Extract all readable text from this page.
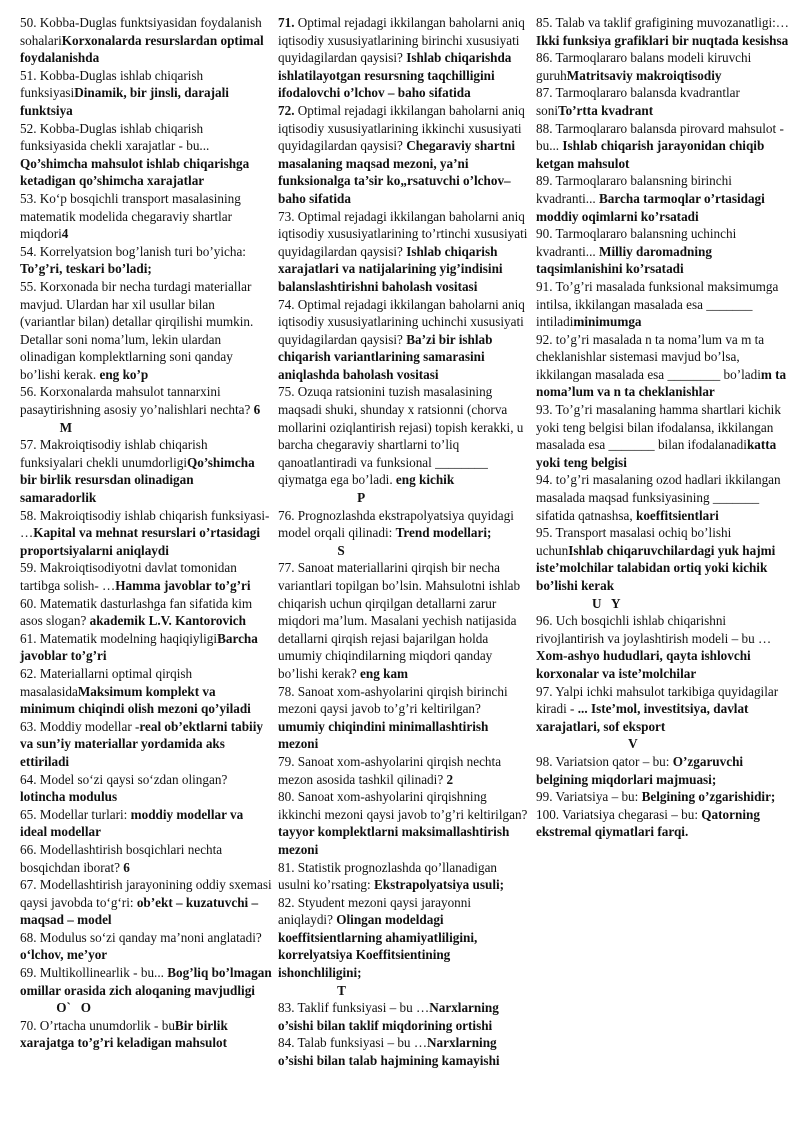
50. Kobba-Duglas funktsiyasidan foydalanish sohalariKorxonalarda resurslardan optimal foydalanishda

51. Kobba-Duglas ishlab chiqarish funksiyasiDinamik, bir jinsli, darajali funktsiya

52. Kobba-Duglas ishlab chiqarish funksiyasida chekli xarajatlar - bu... Qo’shimcha mahsulot ishlab chiqarishga ketadigan qo’shimcha xarajatlar

53. Ko‘p bosqichli transport masalasining matematik modelida chegaraviy shartlar miqdori4

54. Korrelyatsion bog’lanish turi bo’yicha: To’g’ri, teskari bo’ladi;

55. Korxonada bir necha turdagi materiallar mavjud. Ulardan har xil usullar bilan (variantlar bilan) detallar qirqilishi mumkin. Detallar soni noma’lum, lekin ulardan olinadigan komplektlarning soni qanday bo’lishi kerak. eng ko’p

56. Korxonalarda mahsulot tannarxini pasaytirishning asosiy yo’nalishlari nechta? 6

M

57. Makroiqtisodiy ishlab chiqarish funksiyalari chekli unumdorligiQo’shimcha bir birlik resursdan olinadigan samaradorlik

58. Makroiqtisodiy ishlab chiqarish funksiyasi- …Kapital va mehnat resurslari o’rtasidagi proportsiyalarni aniqlaydi

59. Makroiqtisodiyotni davlat tomonidan tartibga solish- …Hamma javoblar to’g’ri

60. Matematik dasturlashga fan sifatida kim asos slogan? akademik L.V. Kantorovich

61. Matematik modelning haqiqiyligiBarcha javoblar to’g’ri

62. Materiallarni optimal qirqish masalasidaMaksimum komplekt va minimum chiqindi olish mezoni qo’yiladi

63. Moddiy modellar -real ob’ektlarni tabiiy va sun’iy materiallar yordamida aks ettiriladi

64. Model so‘zi qaysi so‘zdan olingan? lotincha modulus

65. Modellar turlari: moddiy modellar va ideal modellar

66. Modellashtirish bosqichlari nechta bosqichdan iborat? 6

67. Modellashtirish jarayonining oddiy sxemasi qaysi javobda to‘g‘ri: ob’ekt – kuzatuvchi – maqsad – model

68. Modulus so‘zi qanday ma’noni anglatadi? o‘lchov, me’yor

69. Multikollinearlik - bu... Bog’liq bo’lmagan omillar orasida zich aloqaning mavjudligi

O`   O

70. O’rtacha unumdorlik - buBir birlik xarajatga to’g’ri keladigan mahsulot

71. Optimal rejadagi ikkilangan baholarni aniq iqtisodiy xususiyatlarining birinchi xususiyati quyidagilardan qaysisi? Ishlab chiqarishda ishlatilayotgan resursning taqchilligini ifodalovchi o’lchov – baho sifatida

72. Optimal rejadagi ikkilangan baholarni aniq iqtisodiy xususiyatlarining ikkinchi xususiyati quyidagilardan qaysisi? Chegaraviy shartni masalaning maqsad mezoni, ya’ni funksionalga ta’sir ko„rsatuvchi o’lchov– baho sifatida

73. Optimal rejadagi ikkilangan baholarni aniq iqtisodiy xususiyatlarining to’rtinchi xususiyati quyidagilardan qaysisi? Ishlab chiqarish xarajatlari va natijalarining yig’indisini balanslashtirishni baholash vositasi

74. Optimal rejadagi ikkilangan baholarni aniq iqtisodiy xususiyatlarining uchinchi xususiyati quyidagilardan qaysisi? Ba’zi bir ishlab chiqarish variantlarining samarasini aniqlashda baholash vositasi

75. Ozuqa ratsionini tuzish masalasining maqsadi shuki, shunday x ratsionni (chorva mollarini oziqlantirish rejasi) topish kerakki, u barcha chegaraviy shartlarni to’liq qanoatlantiradi va funksional ________ qiymatga ega bo’ladi. eng kichik

P

76. Prognozlashda ekstrapolyatsiya quyidagi model orqali qilinadi: Trend modellari;

S

77. Sanoat materiallarini qirqish bir necha variantlari topilgan bo’lsin. Mahsulotni ishlab chiqarish uchun qirqilgan detallarni zarur miqdori ma’lum. Masalani yechish natijasida detallarni qirqish rejasi bajarilgan holda umumiy chiqindilarning miqdori qanday bo’lishi kerak? eng kam

78. Sanoat xom-ashyolarini qirqish birinchi mezoni qaysi javob to’g’ri keltirilgan? umumiy chiqindini minimallashtirish mezoni

79. Sanoat xom-ashyolarini qirqish nechta mezon asosida tashkil qilinadi? 2

80. Sanoat xom-ashyolarini qirqishning ikkinchi mezoni qaysi javob to’g’ri keltirilgan? tayyor komplektlarni maksimallashtirish mezoni

81. Statistik prognozlashda qo’llanadigan usulni ko’rsating: Ekstrapolyatsiya usuli;

82. Styudent mezoni qaysi jarayonni aniqlaydi? Olingan modeldagi koeffitsientlarning ahamiyatliligini, korrelyatsiya Koeffitsientining ishonchliligini;

T

83. Taklif funksiyasi – bu …Narxlarning o’sishi bilan taklif miqdorining ortishi

84. Talab funksiyasi – bu …Narxlarning o’sishi bilan talab hajmining kamayishi

85. Talab va taklif grafigining muvozanatligi:… Ikki funksiya grafiklari bir nuqtada kesishsa

86. Tarmoqlararo balans modeli kiruvchi guruhMatritsaviy makroiqtisodiy

87. Tarmoqlararo balansda kvadrantlar soniTo’rtta kvadrant

88. Tarmoqlararo balansda pirovard mahsulot - bu... Ishlab chiqarish jarayonidan chiqib ketgan mahsulot

89. Tarmoqlararo balansning birinchi kvadranti... Barcha tarmoqlar o’rtasidagi moddiy oqimlarni ko’rsatadi

90. Tarmoqlararo balansning uchinchi kvadranti... Milliy daromadning taqsimlanishini ko’rsatadi

91. To’g’ri masalada funksional maksimumga intilsa, ikkilangan masalada esa _______ intiladiminimumga

92. to’g’ri masalada n ta noma’lum va m ta cheklanishlar sistemasi mavjud bo’lsa, ikkilangan masalada esa ________ bo’ladim ta noma’lum va n ta cheklanishlar

93. To’g’ri masalaning hamma shartlari kichik yoki teng belgisi bilan ifodalansa, ikkilangan masalada esa _______ bilan ifodalanadikatta yoki teng belgisi

94. to’g’ri masalaning ozod hadlari ikkilangan masalada maqsad funksiyasining _______ sifatida qatnashsa, koeffitsientlari

95. Transport masalasi ochiq bo’lishi uchunIshlab chiqaruvchilardagi yuk hajmi iste’molchilar talabidan ortiq yoki kichik bo’lishi kerak

U   Y

96. Uch bosqichli ishlab chiqarishni rivojlantirish va joylashtirish modeli – bu … Xom-ashyo hududlari, qayta ishlovchi korxonalar va iste’molchilar

97. Yalpi ichki mahsulot tarkibiga quyidagilar kiradi - ... Iste’mol, investitsiya, davlat xarajatlari, sof eksport

V

98. Variatsion qator – bu: O’zgaruvchi belgining miqdorlari majmuasi;

99. Variatsiya – bu: Belgining o’zgarishidir;

100. Variatsiya chegarasi – bu: Qatorning ekstremal qiymatlari farqi.
